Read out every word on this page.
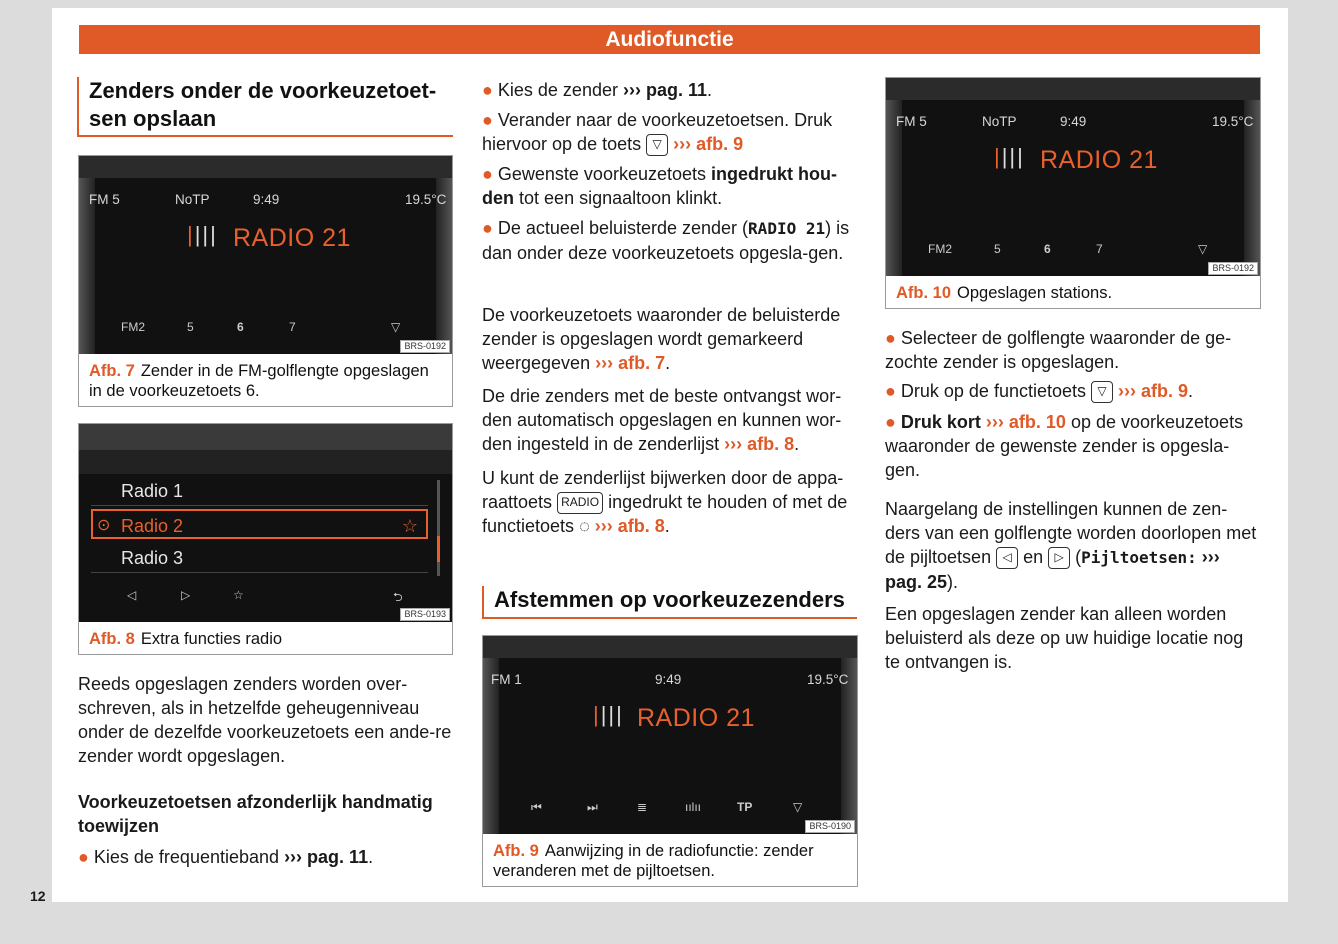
Audiofunctie
Zenders onder de voorkeuzetoet-
sen opslaan
FM 5	NoTP	9:49	19.5°C
|||| RADIO 21
FM2	5	6	7	▽
BRS-0192
Afb. 7 Zender in de FM-golflengte opgeslagen in de voorkeuzetoets 6.
Radio 1
⊙ Radio 2	☆
Radio 3
◁	▷	☆	⮌
BRS-0193
Afb. 8 Extra functies radio
Reeds opgeslagen zenders worden over-schreven, als in hetzelfde geheugenniveau onder de dezelfde voorkeuzetoets een ande-re zender wordt opgeslagen.
Voorkeuzetoetsen afzonderlijk handmatig toewijzen
● Kies de frequentieband ››› pag. 11.
● Kies de zender ››› pag. 11.
● Verander naar de voorkeuzetoetsen. Druk hiervoor op de toets ▽ ››› afb. 9
● Gewenste voorkeuzetoets ingedrukt hou-den tot een signaaltoon klinkt.
● De actueel beluisterde zender (RADIO 21) is dan onder deze voorkeuzetoets opgesla-gen.
De voorkeuzetoets waaronder de beluisterde zender is opgeslagen wordt gemarkeerd weergegeven ››› afb. 7.
De drie zenders met de beste ontvangst wor-den automatisch opgeslagen en kunnen wor-den ingesteld in de zenderlijst ››› afb. 8.
U kunt de zenderlijst bijwerken door de appa-raattoets RADIO ingedrukt te houden of met de functietoets ◌ ››› afb. 8.
Afstemmen op voorkeuzezenders
FM 1	9:49	19.5°C
|||| RADIO 21
⏮	⏭	≣	ıılıı	TP	▽
BRS-0190
Afb. 9 Aanwijzing in de radiofunctie: zender veranderen met de pijltoetsen.
FM 5	NoTP	9:49	19.5°C
|||| RADIO 21
FM2	5	6	7	▽
BRS-0192
Afb. 10 Opgeslagen stations.
● Selecteer de golflengte waaronder de ge-zochte zender is opgeslagen.
● Druk op de functietoets ▽ ››› afb. 9.
● Druk kort ››› afb. 10 op de voorkeuzetoets waaronder de gewenste zender is opgesla-gen.
Naargelang de instellingen kunnen de zen-ders van een golflengte worden doorlopen met de pijltoetsen ◁ en ▷ (Pijltoetsen: ››› pag. 25).
Een opgeslagen zender kan alleen worden beluisterd als deze op uw huidige locatie nog te ontvangen is.
12
